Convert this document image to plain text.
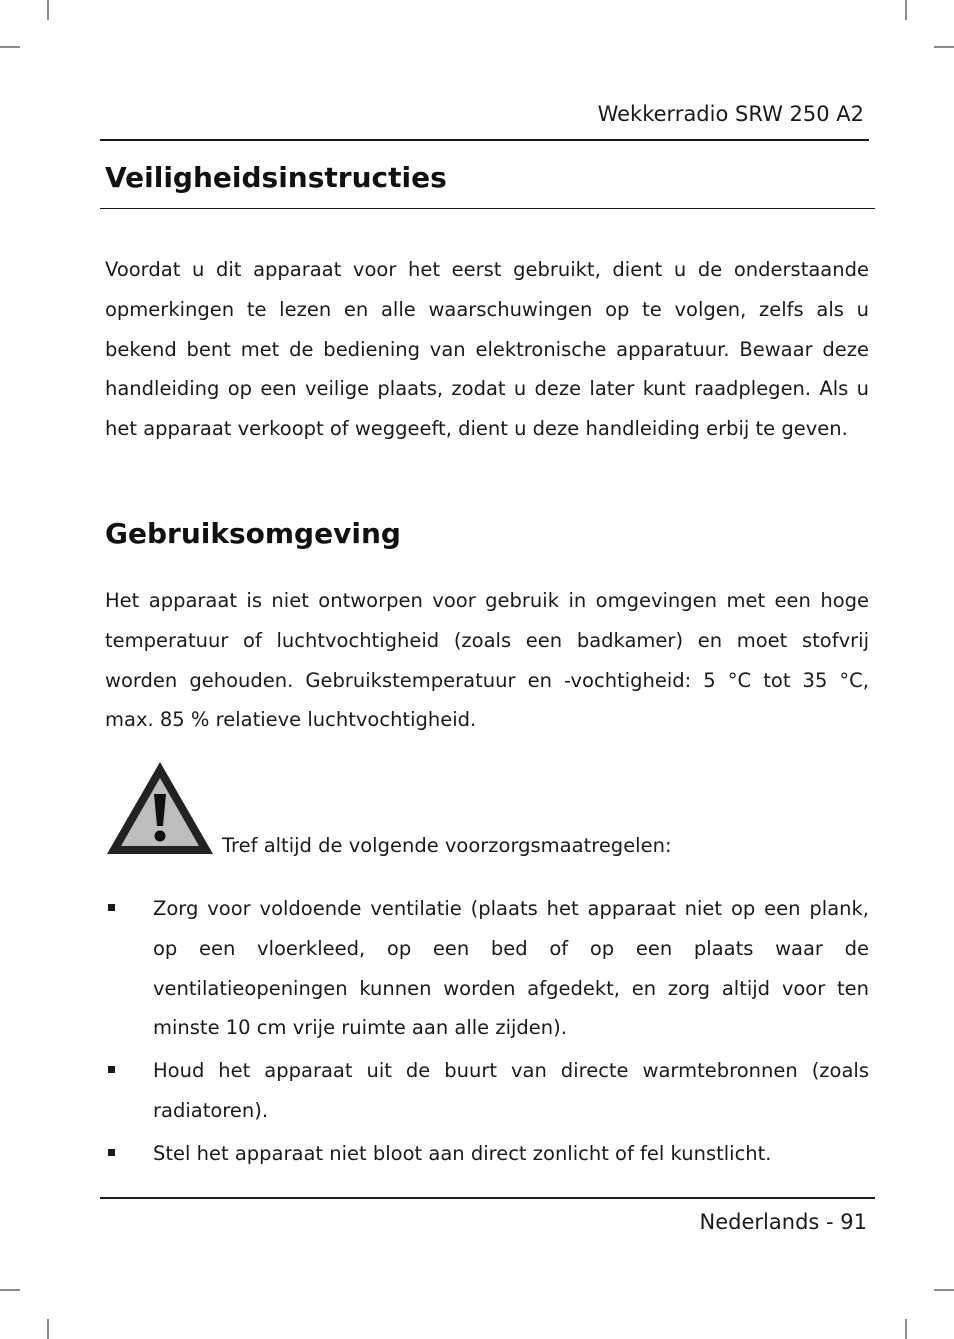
Wekkerradio SRW 250 A2
Veiligheidsinstructies
Voordat u dit apparaat voor het eerst gebruikt, dient u de onderstaande opmerkingen te lezen en alle waarschuwingen op te volgen, zelfs als u bekend bent met de bediening van elektronische apparatuur. Bewaar deze handleiding op een veilige plaats, zodat u deze later kunt raadplegen. Als u het apparaat verkoopt of weggeeft, dient u deze handleiding erbij te geven.
Gebruiksomgeving
Het apparaat is niet ontworpen voor gebruik in omgevingen met een hoge temperatuur of luchtvochtigheid (zoals een badkamer) en moet stofvrij worden gehouden. Gebruikstemperatuur en -vochtigheid: 5 °C tot 35 °C, max. 85 % relatieve luchtvochtigheid.
Tref altijd de volgende voorzorgsmaatregelen:
Zorg voor voldoende ventilatie (plaats het apparaat niet op een plank, op een vloerkleed, op een bed of op een plaats waar de ventilatieopeningen kunnen worden afgedekt, en zorg altijd voor ten minste 10 cm vrije ruimte aan alle zijden).
Houd het apparaat uit de buurt van directe warmtebronnen (zoals radiatoren).
Stel het apparaat niet bloot aan direct zonlicht of fel kunstlicht.
Nederlands - 91
